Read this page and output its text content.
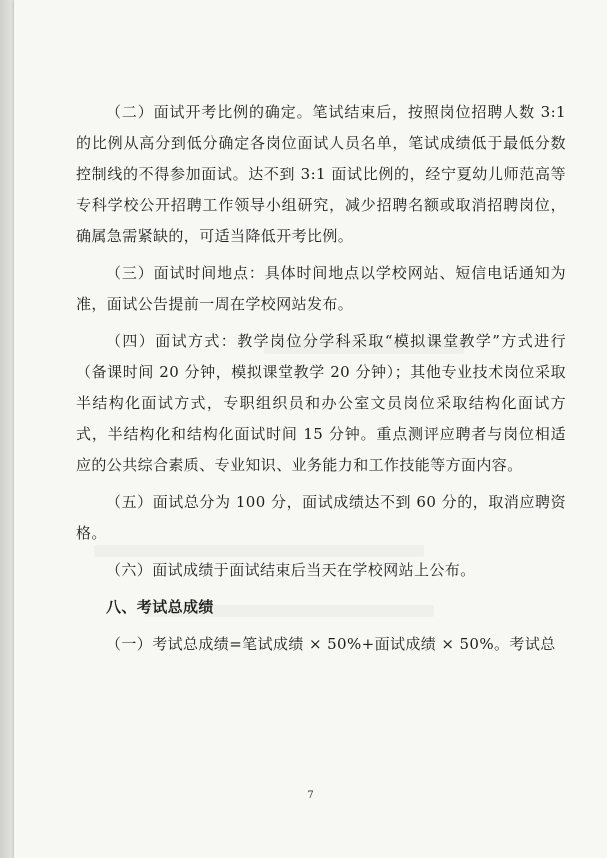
（二）面试开考比例的确定。笔试结束后，按照岗位招聘人数 3:1 的比例从高分到低分确定各岗位面试人员名单，笔试成绩低于最低分数控制线的不得参加面试。达不到 3:1 面试比例的，经宁夏幼儿师范高等专科学校公开招聘工作领导小组研究，减少招聘名额或取消招聘岗位，确属急需紧缺的，可适当降低开考比例。

（三）面试时间地点：具体时间地点以学校网站、短信电话通知为准，面试公告提前一周在学校网站发布。

（四）面试方式：教学岗位分学科采取“模拟课堂教学”方式进行（备课时间 20 分钟，模拟课堂教学 20 分钟）；其他专业技术岗位采取半结构化面试方式，专职组织员和办公室文员岗位采取结构化面试方式，半结构化和结构化面试时间 15 分钟。重点测评应聘者与岗位相适应的公共综合素质、专业知识、业务能力和工作技能等方面内容。

（五）面试总分为 100 分，面试成绩达不到 60 分的，取消应聘资格。

（六）面试成绩于面试结束后当天在学校网站上公布。

八、考试总成绩

（一）考试总成绩=笔试成绩 × 50%+面试成绩 × 50%。考试总

7
